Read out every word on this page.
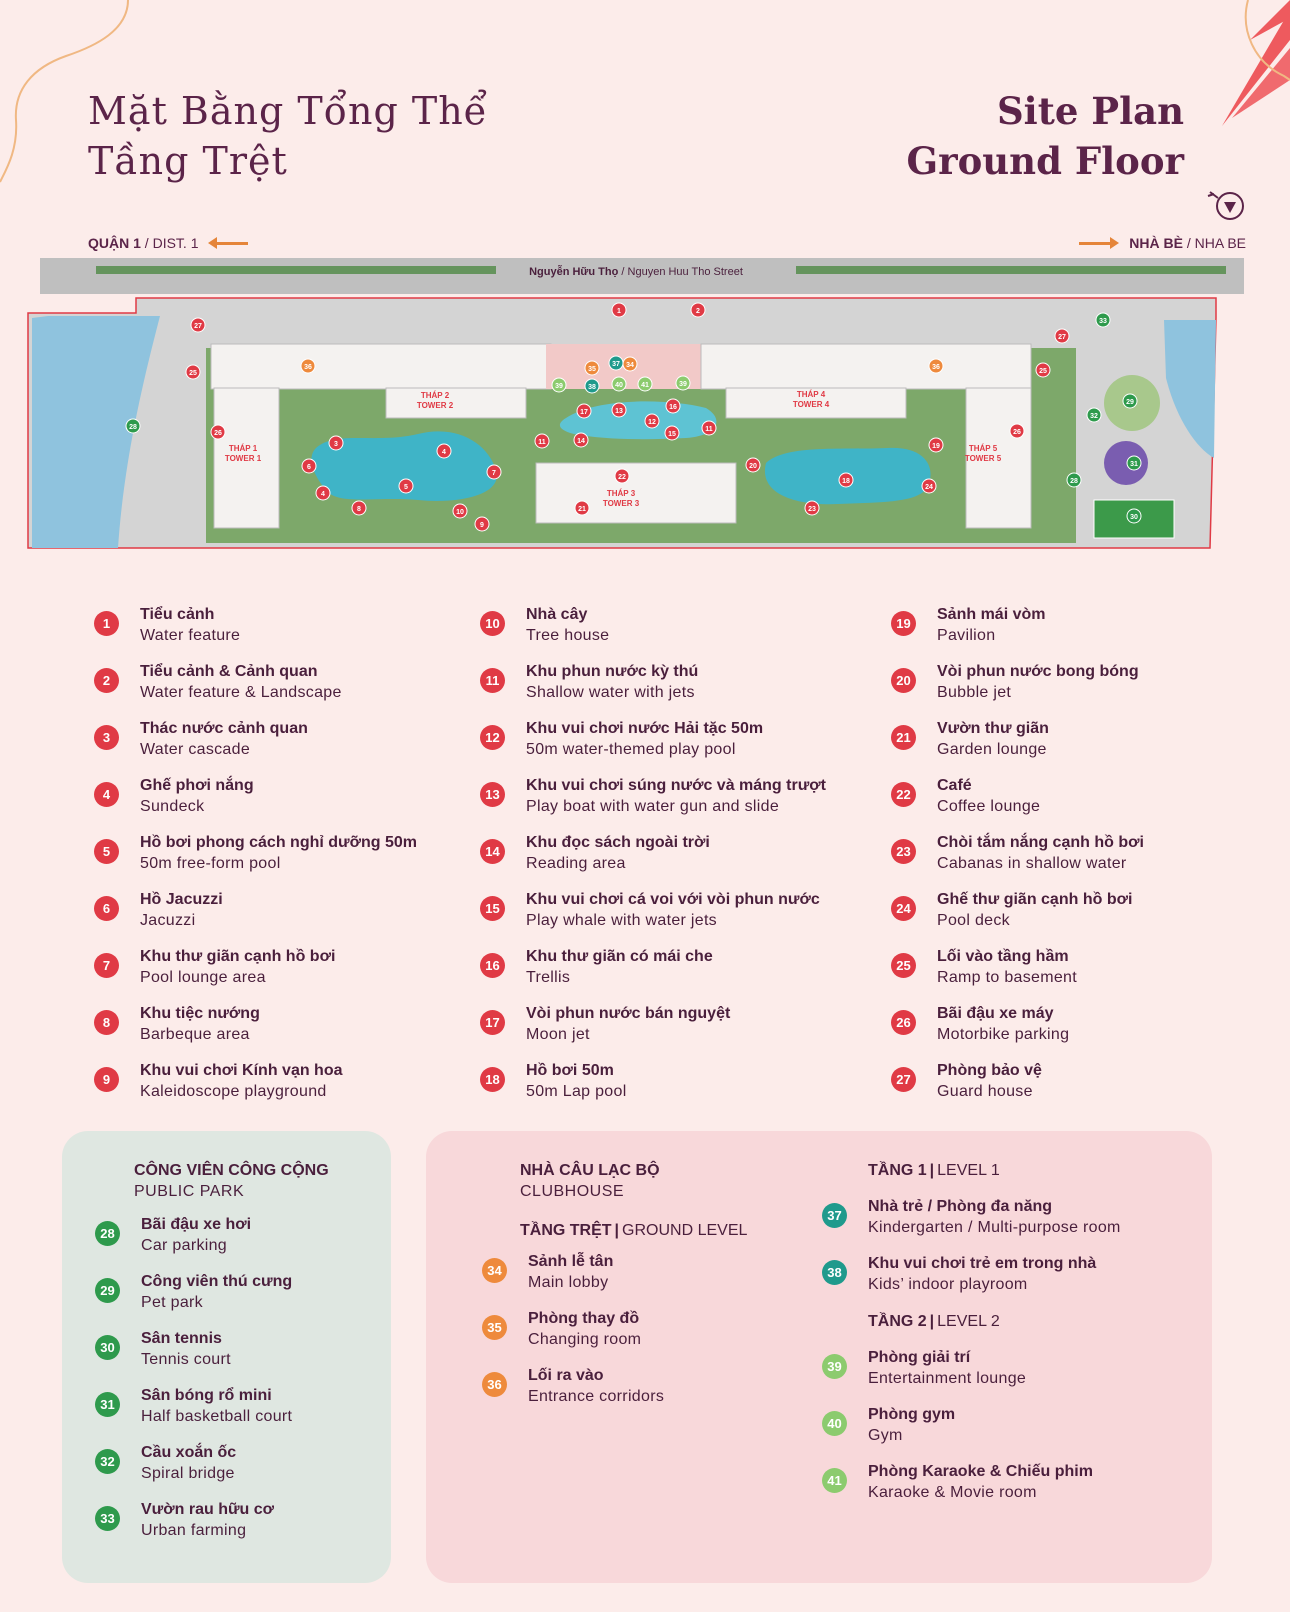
Mặt Bằng Tổng Thể
Tầng Trệt
Site Plan
Ground Floor
QUẬN 1 / DIST. 1	NHÀ BÈ / NHA BE
Nguyễn Hữu Thọ / Nguyen Huu Tho Street
THÁP 1
TOWER 1
THÁP 2
TOWER 2
THÁP 3
TOWER 3
THÁP 4
TOWER 4
THÁP 5
TOWER 5
1	2
3
4
4
5
6
7
8
9
10
11
11
12
13
14
15
16
17
18
19
20
21
22
23
24
25	25
26	26
27
27
28
28
29
30
31
32
33
34
35
36	36
37
38
39	39
40	41
1
Tiểu cảnh
Water feature
2
Tiểu cảnh & Cảnh quan
Water feature & Landscape
3
Thác nước cảnh quan
Water cascade
4
Ghế phơi nắng
Sundeck
5
Hồ bơi phong cách nghỉ dưỡng 50m
50m free-form pool
6
Hồ Jacuzzi
Jacuzzi
7
Khu thư giãn cạnh hồ bơi
Pool lounge area
8
Khu tiệc nướng
Barbeque area
9
Khu vui chơi Kính vạn hoa
Kaleidoscope playground
10
Nhà cây
Tree house
11
Khu phun nước kỳ thú
Shallow water with jets
12
Khu vui chơi nước Hải tặc 50m
50m water-themed play pool
13
Khu vui chơi súng nước và máng trượt
Play boat with water gun and slide
14
Khu đọc sách ngoài trời
Reading area
15
Khu vui chơi cá voi với vòi phun nước
Play whale with water jets
16
Khu thư giãn có mái che
Trellis
17
Vòi phun nước bán nguyệt
Moon jet
18
Hồ bơi 50m
50m Lap pool
19
Sảnh mái vòm
Pavilion
20
Vòi phun nước bong bóng
Bubble jet
21
Vườn thư giãn
Garden lounge
22
Café
Coffee lounge
23
Chòi tắm nắng cạnh hồ bơi
Cabanas in shallow water
24
Ghế thư giãn cạnh hồ bơi
Pool deck
25
Lối vào tầng hầm
Ramp to basement
26
Bãi đậu xe máy
Motorbike parking
27
Phòng bảo vệ
Guard house
CÔNG VIÊN CÔNG CỘNG
PUBLIC PARK
28
Bãi đậu xe hơi
Car parking
29
Công viên thú cưng
Pet park
30
Sân tennis
Tennis court
31
Sân bóng rổ mini
Half basketball court
32
Cầu xoắn ốc
Spiral bridge
33
Vườn rau hữu cơ
Urban farming
NHÀ CÂU LẠC BỘ
CLUBHOUSE
TẦNG TRỆT | GROUND LEVEL
34
Sảnh lễ tân
Main lobby
35
Phòng thay đồ
Changing room
36
Lối ra vào
Entrance corridors
TẦNG 1 | LEVEL 1
37
Nhà trẻ / Phòng đa năng
Kindergarten / Multi-purpose room
38
Khu vui chơi trẻ em trong nhà
Kids’ indoor playroom
TẦNG 2 | LEVEL 2
39
Phòng giải trí
Entertainment lounge
40
Phòng gym
Gym
41
Phòng Karaoke & Chiếu phim
Karaoke & Movie room
